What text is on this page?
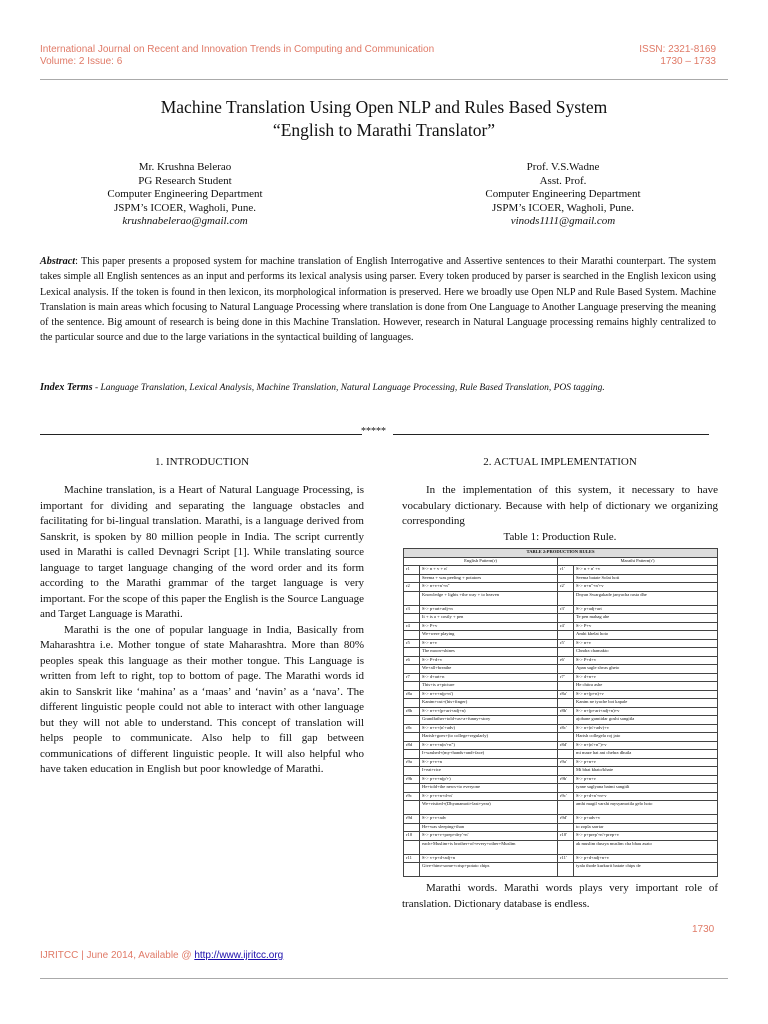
International Journal on Recent and Innovation Trends in Computing and Communication
Volume: 2 Issue: 6
ISSN: 2321-8169
1730 – 1733
Machine Translation Using Open NLP and Rules Based System
“English to Marathi Translator”
Mr. Krushna Belerao
PG Research Student
Computer Engineering Department
JSPM’s ICOER, Wagholi, Pune.
krushnabelerao@gmail.com
Prof. V.S.Wadne
Asst. Prof.
Computer Engineering Department
JSPM’s ICOER, Wagholi, Pune.
vinods1111@gmail.com
Abstract: This paper presents a proposed system for machine translation of English Interrogative and Assertive sentences to their Marathi counterpart. The system takes simple all English sentences as an input and performs its lexical analysis using parser. Every token produced by parser is searched in the English lexicon using Lexical analysis. If the token is found in then lexicon, its morphological information is preserved. Here we broadly use Open NLP and Rule Based System. Machine Translation is main areas which focusing to Natural Language Processing where translation is done from One Language to Another Language preserving the meaning of the sentence. Big amount of research is being done in this Machine Translation. However, research in Natural Language processing remains highly centralized to the particular source and due to the large variations in the syntactical building of languages.
Index Terms - Language Translation, Lexical Analysis, Machine Translation, Natural Language Processing, Rule Based Translation, POS tagging.
*****
1. INTRODUCTION	2. ACTUAL IMPLEMENTATION

Machine translation, is a Heart of Natural Language Processing, is important for dividing and separating the language obstacles and facilitating for bi-lingual translation. Marathi, is a language derived from Sanskrit, is spoken by 80 million people in India. The script currently used in Marathi is called Devnagri Script [1]. While translating source language to target language changing of the word order and its form according to the Marathi grammar of the target language is very important. For the scope of this paper the English is the Source Language and Target Language is Marathi.

Marathi is the one of popular language in India, Basically from Maharashtra i.e. Mother tongue of state Maharashtra. More than 80% peoples speak this language as their mother tongue. This Language is written from left to right, top to bottom of page. The Marathi words id akin to Sanskrit like ‘mahina’ as a ‘maas’ and ‘navin’ as a ‘nava’. The different linguistic people could not able to interact with other language but they will not able to understand. This concept of translation will helps people to communicate. Also help to fill gap between communications of different linguistic people. It will also helpful who have taken education in English but poor knowledge of Marathi.

In the implementation of this system, it necessary to have vocabulary dictionary. Because with help of dictionary we organizing corresponding

Table 1: Production Rule.
TABLE 2:PRODUCTION RULES			
English Pattern(r)		Marathi Pattern(r')	
r1	S-> n + v + n'	r1'	S-> n + n' +v
	Seema + was peeling + potatoes		Seema batate Solat hoti
r2	S-> n+v+n'+n"	r2'	S-> n+n"+n'+v
	Knowledge + lights +the way + to heaven		Dnyan Swargakade janyacha rasta dhe
r3	S-> p+art+adj+n	r3'	S-> p+adj+art
	It + is a + costly + pen		Te pen mahag ahe
r4	S-> P+v	r4'	S-> P+v
	We+were playing		Amhi khelat hoto
r5	S-> n+v	r5'	S-> n+v
	The moon+shines		Chndra chamakto
r6	S-> P+d+v	r6'	S-> P+d+v
	We+all+breathe		Apan sagle shvas gheto
r7	S-> d+art+n	r7'	S-> d+n+v
	This+is a+picture		He chitra ashe
r8a	S-> n+v+n(p+n')	r8a'	S-> n+(p+n)+v
	Kanim+cut+(his+finger)		Kanim ne tyache bot kapale
r8b	S-> n+v+(p+art+adj+n)	r8b'	S-> n+(p+art+adj+n)+v
	Grandfather+told+us+a+funny+story		ajobane gamtidar gosht sangitla
r8c	S-> n+v+(n'+adv)	r8c'	S-> n+(n'+adv)+v
	Harish+goes+(to college+regularly)		Harish collegela roj jato
r8d	S-> n+v+n(n'+n")	r8d'	S-> n+(n'+n")+v
	I+washed+(my+hands+and+face)		mi maze hat ani chehra dhutla
r9a	S-> p+v+n	r9a'	S-> p+n+v
	I+eat+rice		Mi bhat khato/khate
r9b	S-> p+v+n(p'+)	r9b'	S-> p+n+v
	He+told+the news+to everyone		tyane saglyana batmi sangitli
r9c	S-> p+v+n+d+n'	r9c'	S-> p+d+n'+n+v
	We+visited+(Dhyanamoti+last+year)		amhi magil varshi mysyamotila gelo hoto
r9d	S-> p+v+adv	r9d'	S-> p+adv+v
	He+was sleeping+than		to zopla sarrtar
r10	S-> p+n+v+prep+dey'+n'	r10'	S-> p+prep'+n'+prep+v
	each+Muslim+is brother+of+every+other+Muslim		ak muslim dusrya muslim cha bhau asato
r11	S-> v+p+d+adj+n	r11'	S-> p+d+adj+n+v
	Give+him+some+crisp+potato chips		tyala thode kurkurit batate chips de

Marathi words. Marathi words plays very important role of translation. Dictionary database is endless.

1730
IJRITCC | June 2014, Available @ http://www.ijritcc.org
